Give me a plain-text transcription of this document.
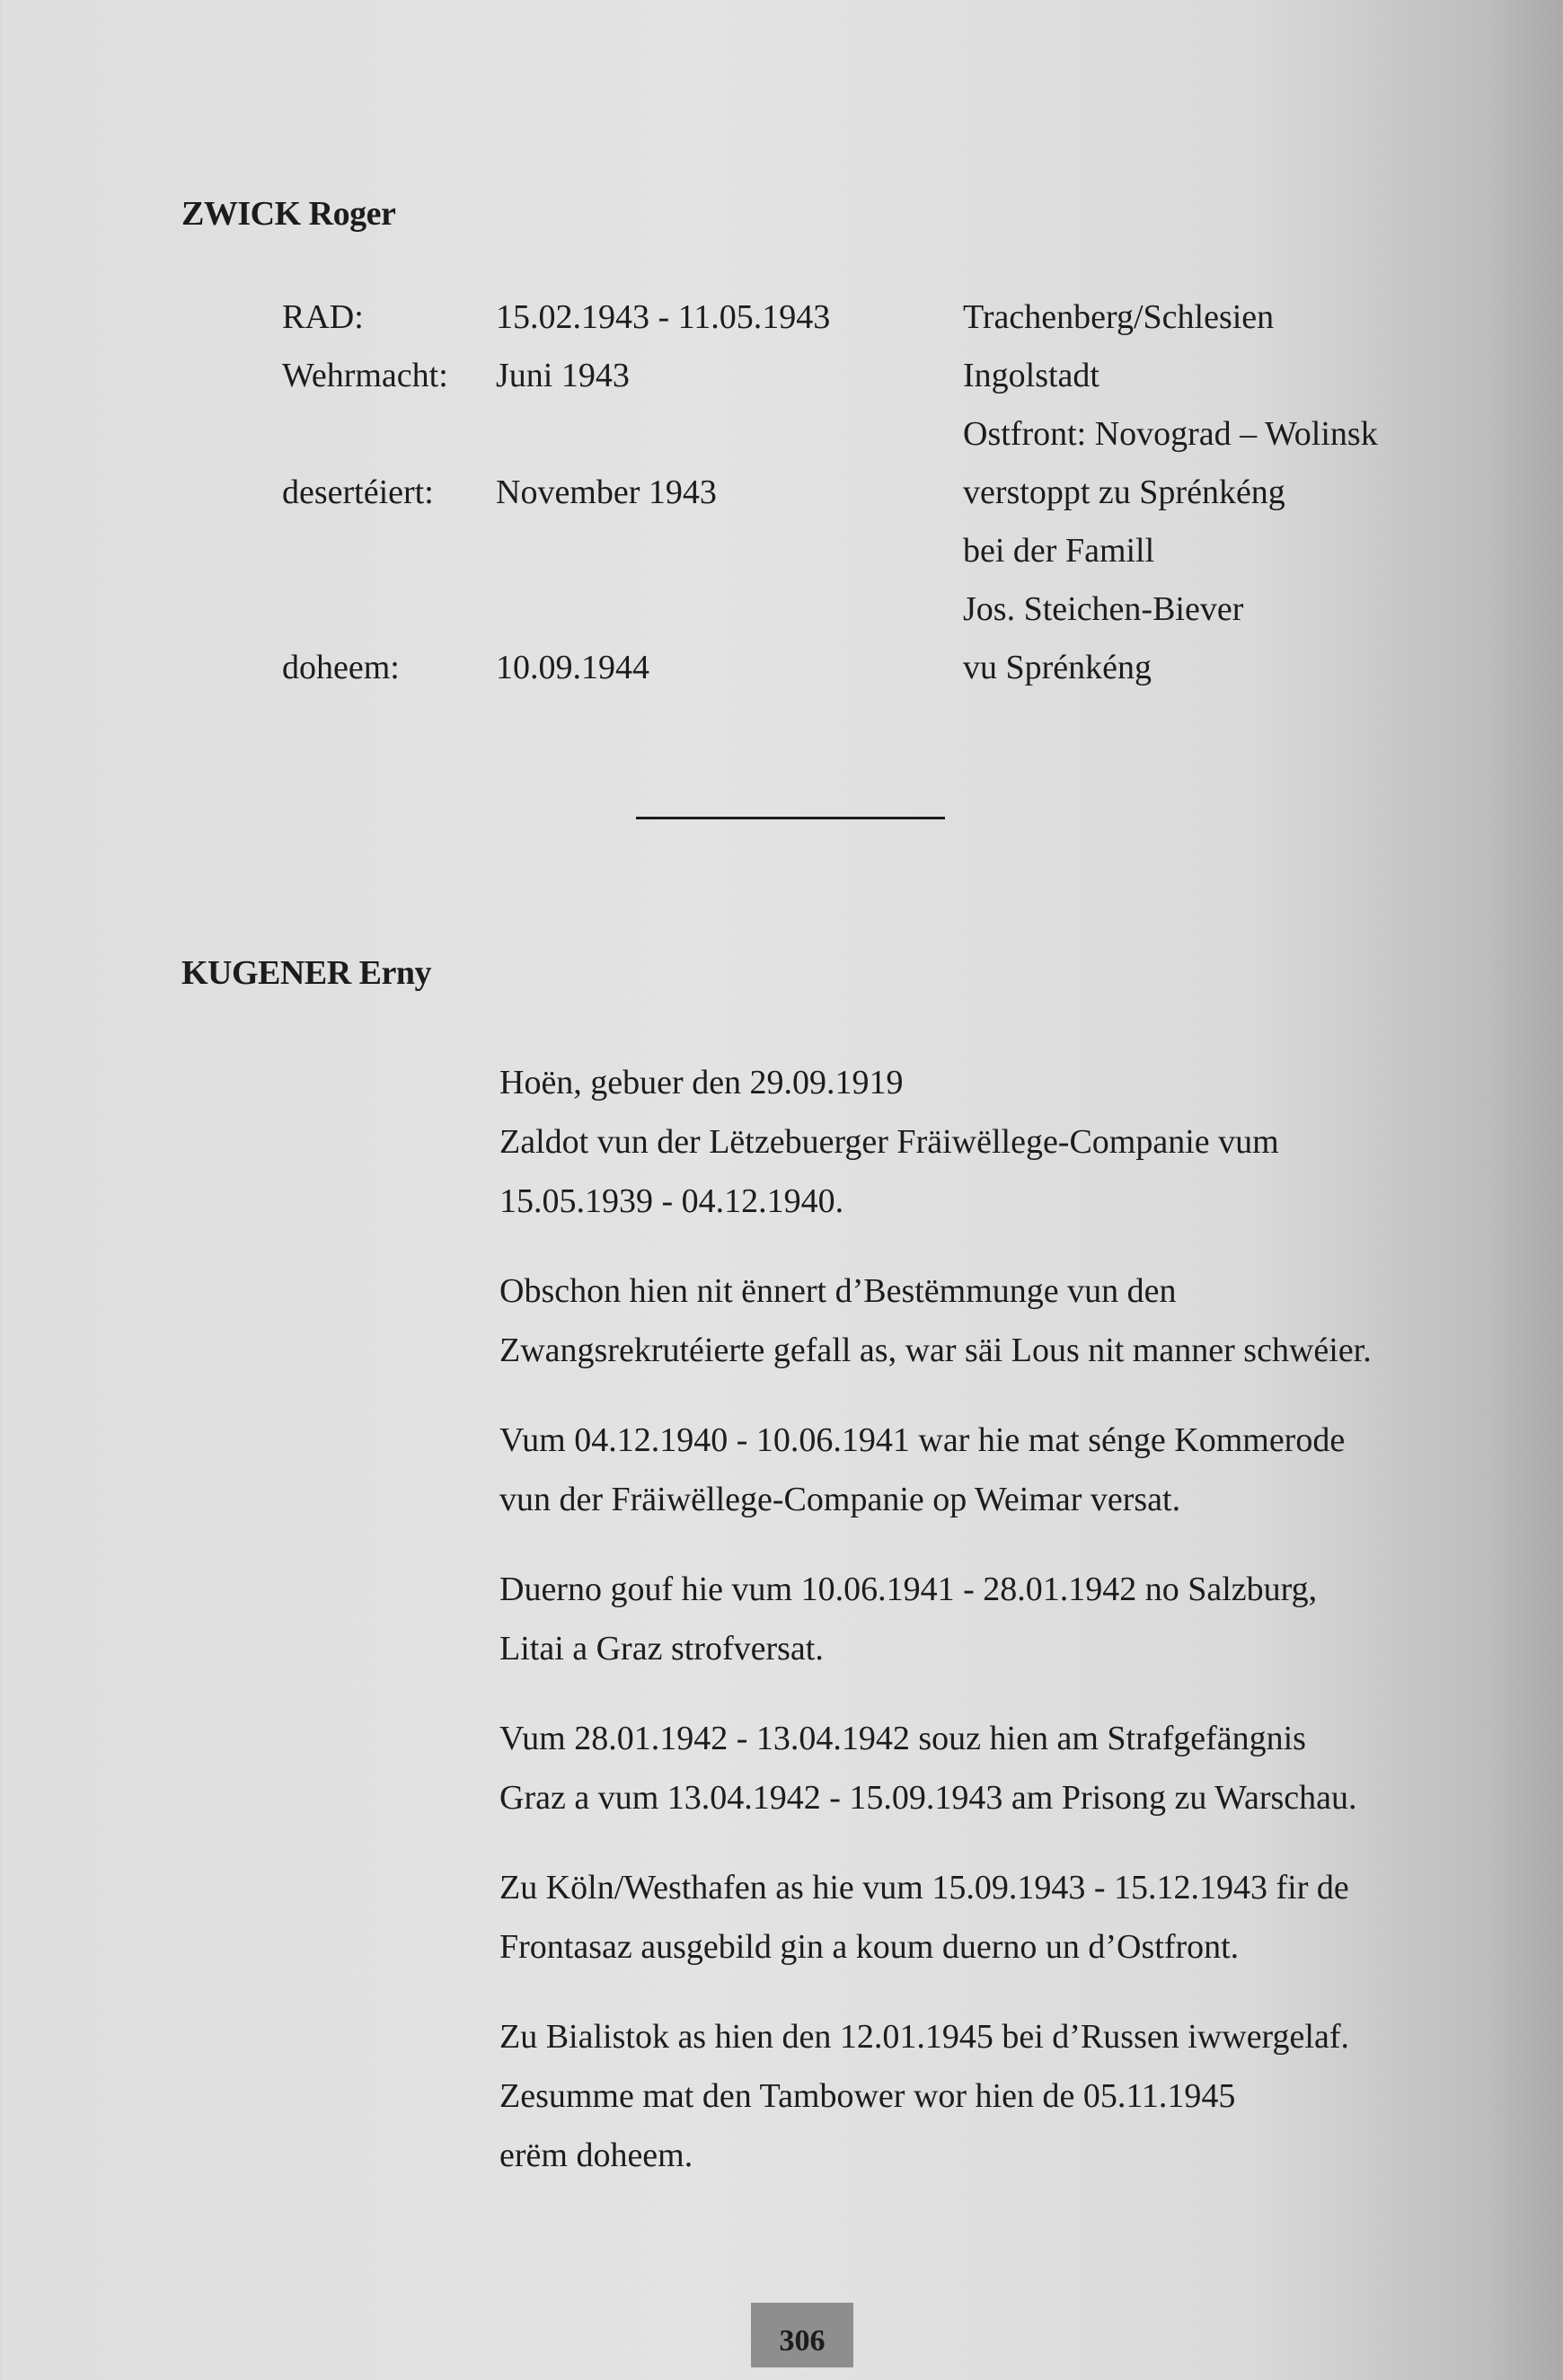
ZWICK Roger
RAD:	15.02.1943 - 11.05.1943	Trachenberg/Schlesien
Wehrmacht: Juni 1943	Ingolstadt
Ostfront: Novograd – Wolinsk
desertéiert: November 1943	verstoppt zu Sprénkéng
bei der Famill
Jos. Steichen-Biever
doheem:	10.09.1944	vu Sprénkéng
KUGENER Erny
Hoën, gebuer den 29.09.1919
Zaldot vun der Lëtzebuerger Fräiwëllege-Companie vum
15.05.1939 - 04.12.1940.
Obschon hien nit ënnert d’Bestëmmunge vun den
Zwangsrekrutéierte gefall as, war säi Lous nit manner schwéier.
Vum 04.12.1940 - 10.06.1941 war hie mat sénge Kommerode
vun der Fräiwëllege-Companie op Weimar versat.
Duerno gouf hie vum 10.06.1941 - 28.01.1942 no Salzburg,
Litai a Graz strofversat.
Vum 28.01.1942 - 13.04.1942 souz hien am Strafgefängnis
Graz a vum 13.04.1942 - 15.09.1943 am Prisong zu Warschau.
Zu Köln/Westhafen as hie vum 15.09.1943 - 15.12.1943 fir de
Frontasaz ausgebild gin a koum duerno un d’Ostfront.
Zu Bialistok as hien den 12.01.1945 bei d’Russen iwwergelaf.
Zesumme mat den Tambower wor hien de 05.11.1945
erëm doheem.
306
